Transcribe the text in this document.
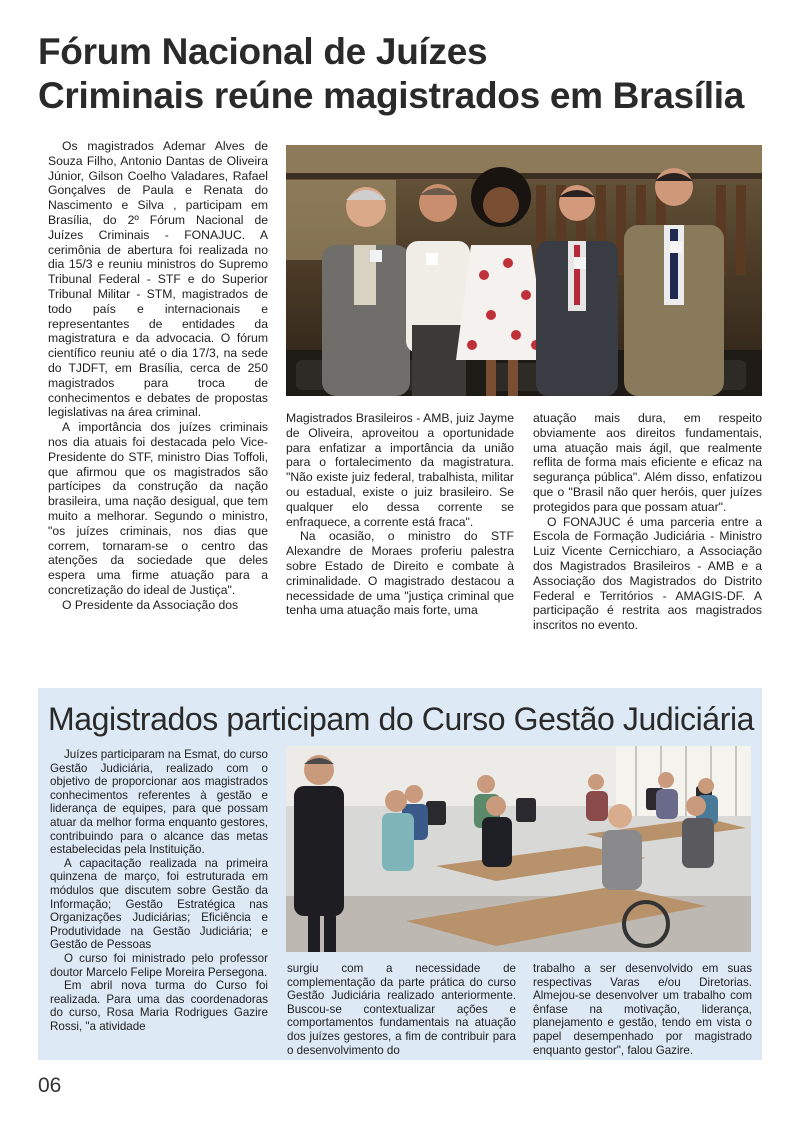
Fórum Nacional de Juízes
Criminais reúne magistrados em Brasília

Os magistrados Ademar Alves de Souza Filho, Antonio Dantas de Oliveira Júnior, Gilson Coelho Valadares, Rafael Gonçalves de Paula e Renata do Nascimento e Silva , participam em Brasília, do 2º Fórum Nacional de Juízes Criminais - FONAJUC. A cerimônia de abertura foi realizada no dia 15/3 e reuniu ministros do Supremo Tribunal Federal - STF e do Superior Tribunal Militar - STM, magistrados de todo país e internacionais e representantes de entidades da magistratura e da advocacia. O fórum científico reuniu até o dia 17/3, na sede do TJDFT, em Brasília, cerca de 250 magistrados para troca de conhecimentos e debates de propostas legislativas na área criminal.

A importância dos juízes criminais nos dia atuais foi destacada pelo Vice-Presidente do STF, ministro Dias Toffoli, que afirmou que os magistrados são partícipes da construção da nação brasileira, uma nação desigual, que tem muito a melhorar. Segundo o ministro, "os juízes criminais, nos dias que correm, tornaram-se o centro das atenções da sociedade que deles espera uma firme atuação para a concretização do ideal de Justiça".

O Presidente da Associação dos

Magistrados Brasileiros - AMB, juiz Jayme de Oliveira, aproveitou a oportunidade para enfatizar a importância da união para o fortalecimento da magistratura. "Não existe juiz federal, trabalhista, militar ou estadual, existe o juiz brasileiro. Se qualquer elo dessa corrente se enfraquece, a corrente está fraca".

Na ocasião, o ministro do STF Alexandre de Moraes proferiu palestra sobre Estado de Direito e combate à criminalidade. O magistrado destacou a necessidade de uma "justiça criminal que tenha uma atuação mais forte, uma

atuação mais dura, em respeito obviamente aos direitos fundamentais, uma atuação mais ágil, que realmente reflita de forma mais eficiente e eficaz na segurança pública". Além disso, enfatizou que o "Brasil não quer heróis, quer juízes protegidos para que possam atuar".

O FONAJUC é uma parceria entre a Escola de Formação Judiciária - Ministro Luiz Vicente Cernicchiaro, a Associação dos Magistrados Brasileiros - AMB e a Associação dos Magistrados do Distrito Federal e Territórios - AMAGIS-DF. A participação é restrita aos magistrados inscritos no evento.

Magistrados participam do Curso Gestão Judiciária

Juízes participaram na Esmat, do curso Gestão Judiciária, realizado com o objetivo de proporcionar aos magistrados conhecimentos referentes à gestão e liderança de equipes, para que possam atuar da melhor forma enquanto gestores, contribuindo para o alcance das metas estabelecidas pela Instituição.

A capacitação realizada na primeira quinzena de março, foi estruturada em módulos que discutem sobre Gestão da Informação; Gestão Estratégica nas Organizações Judiciárias; Eficiência e Produtividade na Gestão Judiciária; e Gestão de Pessoas

O curso foi ministrado pelo professor doutor Marcelo Felipe Moreira Persegona.

Em abril nova turma do Curso foi realizada. Para uma das coordenadoras do curso, Rosa Maria Rodrigues Gazire Rossi, "a atividade

surgiu com a necessidade de complementação da parte prática do curso Gestão Judiciária realizado anteriormente. Buscou-se contextualizar ações e comportamentos fundamentais na atuação dos juízes gestores, a fim de contribuir para o desenvolvimento do

trabalho a ser desenvolvido em suas respectivas Varas e/ou Diretorias. Almejou-se desenvolver um trabalho com ênfase na motivação, liderança, planejamento e gestão, tendo em vista o papel desempenhado por magistrado enquanto gestor", falou Gazire.

06
